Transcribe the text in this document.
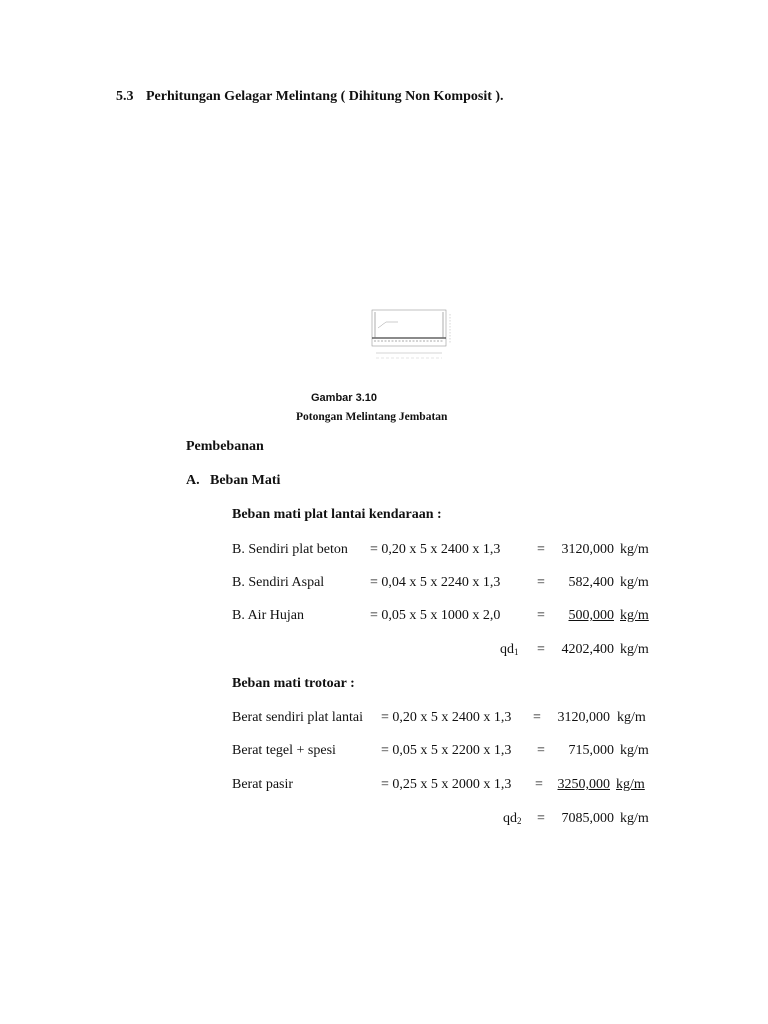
5.3 Perhitungan Gelagar Melintang ( Dihitung Non Komposit ).
Gambar 3.10
Potongan Melintang Jembatan
Pembebanan
A. Beban Mati
Beban mati plat lantai kendaraan :
B. Sendiri plat beton = 0,20 x 5 x 2400 x 1,3	=	3120,000 kg/m
B. Sendiri Aspal	= 0,04 x 5 x 2240 x 1,3	=	582,400 kg/m
B. Air Hujan	= 0,05 x 5 x 1000 x 2,0	=	500,000 kg/m
$qd_1$ =	4202,400 kg/m
Beban mati trotoar :
Berat sendiri plat lantai = 0,20 x 5 x 2400 x 1,3 =	3120,000 kg/m
Berat tegel + spesi	= 0,05 x 5 x 2200 x 1,3 =	715,000 kg/m
Berat pasir	= 0,25 x 5 x 2000 x 1,3 =	3250,000 kg/m
$qd_2$ =	7085,000 kg/m
